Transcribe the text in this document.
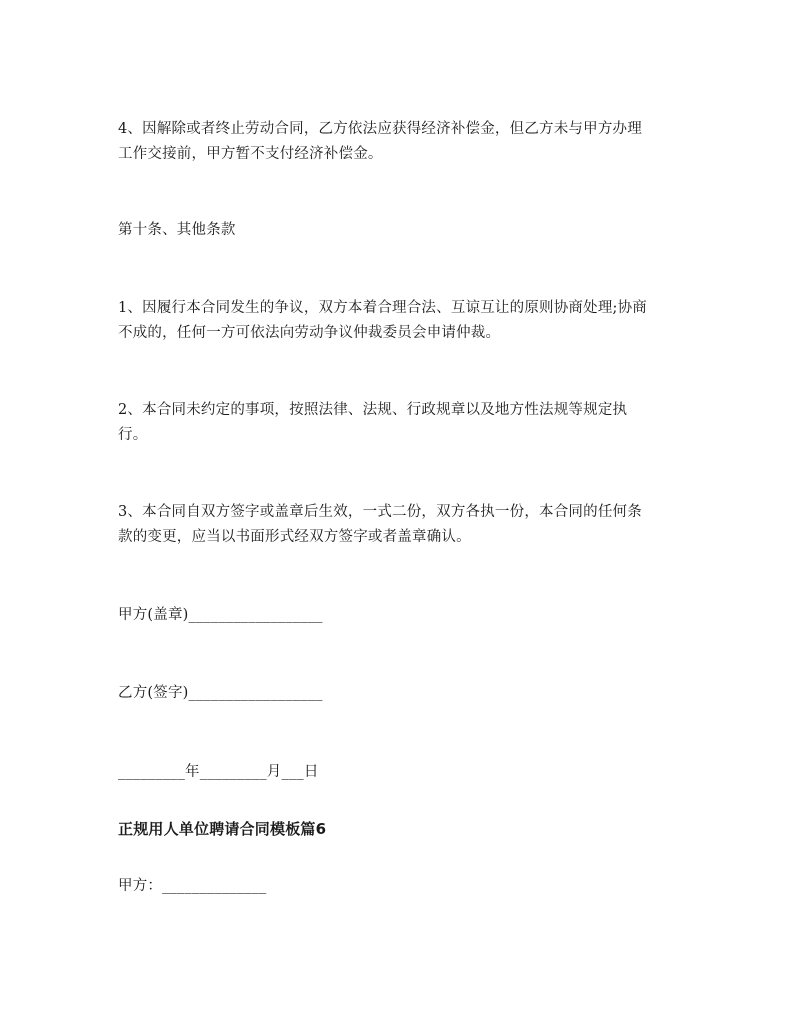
4、因解除或者终止劳动合同，乙方依法应获得经济补偿金，但乙方未与甲方办理
工作交接前，甲方暂不支付经济补偿金。
第十条、其他条款
1、因履行本合同发生的争议，双方本着合理合法、互谅互让的原则协商处理;协商
不成的，任何一方可依法向劳动争议仲裁委员会申请仲裁。
2、本合同未约定的事项，按照法律、法规、行政规章以及地方性法规等规定执
行。
3、本合同自双方签字或盖章后生效，一式二份，双方各执一份，本合同的任何条
款的变更，应当以书面形式经双方签字或者盖章确认。
甲方(盖章)__________________
乙方(签字)__________________
_________年_________月___日
正规用人单位聘请合同模板篇6
甲方：______________
